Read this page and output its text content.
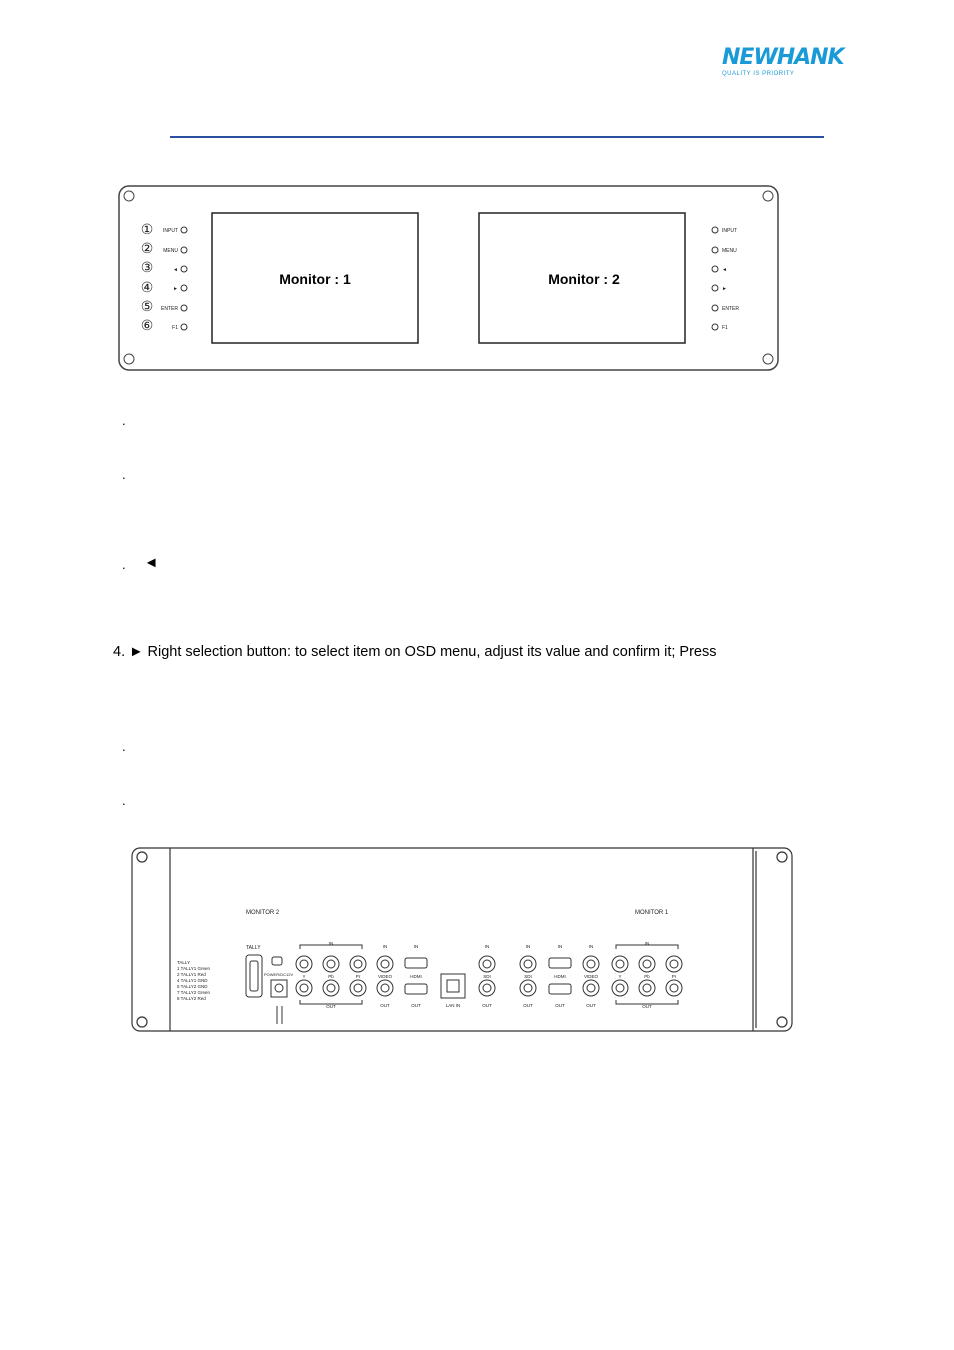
NEWHANK
QUALITY IS PRIORITY
Monitor : 1	Monitor : 2
①
②
③
④
⑤
⑥
INPUT
MENU
◄
►
ENTER
F1
INPUT
MENU
◄
►
ENTER
F1
.
.
. ◄
4. ► Right selection button: to select item on OSD menu, adjust its value and confirm it; Press
.
.
MONITOR 2	MONITOR 1
TALLY
POWER/DC12V
TALLY
1 TALLY1 Green
2 TALLY1 Red
4 TALLY1 GND
5 TALLY2 GND
7 TALLY2 Green
8 TALLY2 Red
IN
Y	Pb	Pr
OUT
IN
VIDEO
OUT
IN
HDMI
OUT	LAN IN
IN
SDI
OUT
IN
SDI
OUT
IN
HDMI
OUT
IN
VIDEO
OUT
IN
Y	Pb	Pr
OUT
